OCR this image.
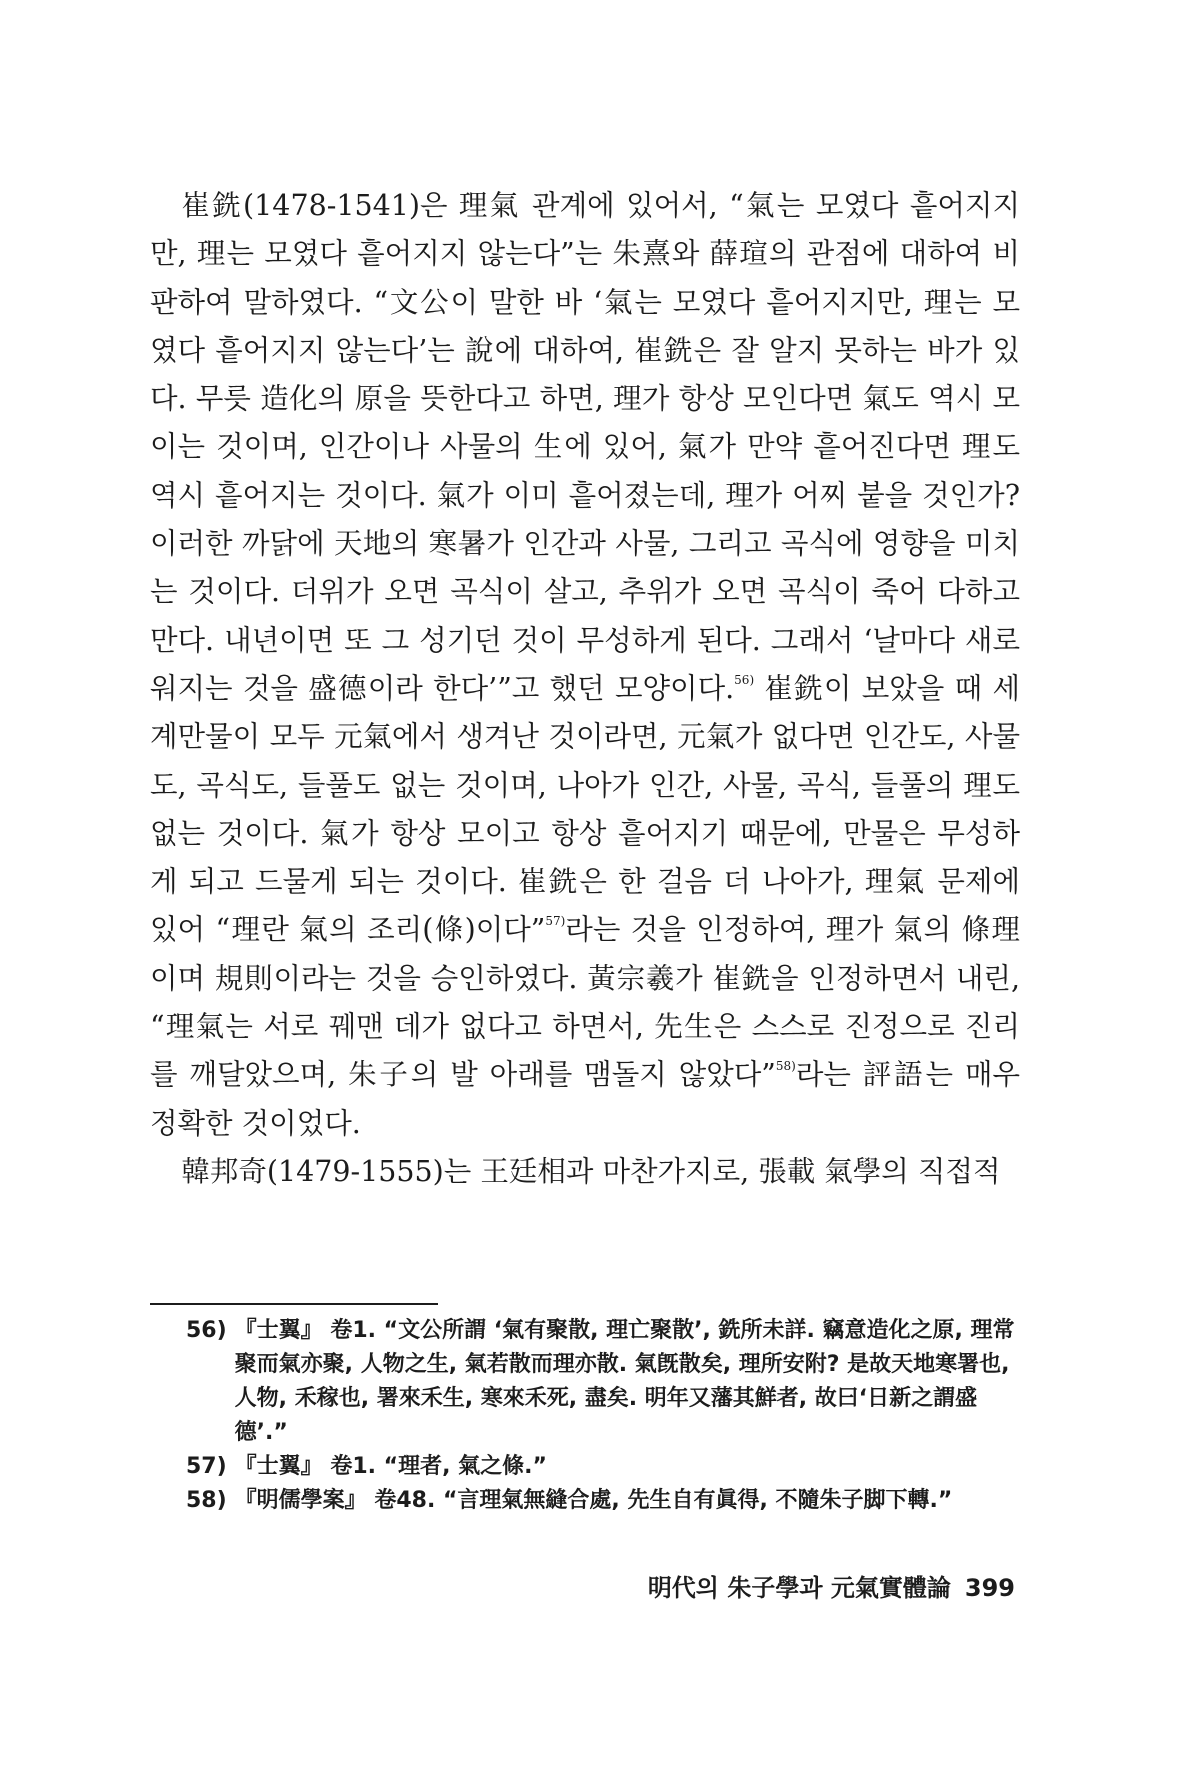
崔銑(1478-1541)은 理氣 관계에 있어서, “氣는 모였다 흩어지지만, 理는 모였다 흩어지지 않는다”는 朱熹와 薛瑄의 관점에 대하여 비판하여 말하였다. “文公이 말한 바 ‘氣는 모였다 흩어지지만, 理는 모였다 흩어지지 않는다’는 說에 대하여, 崔銑은 잘 알지 못하는 바가 있다. 무릇 造化의 原을 뜻한다고 하면, 理가 항상 모인다면 氣도 역시 모이는 것이며, 인간이나 사물의 生에 있어, 氣가 만약 흩어진다면 理도 역시 흩어지는 것이다. 氣가 이미 흩어졌는데, 理가 어찌 붙을 것인가? 이러한 까닭에 天地의 寒暑가 인간과 사물, 그리고 곡식에 영향을 미치는 것이다. 더위가 오면 곡식이 살고, 추위가 오면 곡식이 죽어 다하고 만다. 내년이면 또 그 성기던 것이 무성하게 된다. 그래서 ‘날마다 새로워지는 것을 盛德이라 한다’”고 했던 모양이다.$^{56)}$ 崔銑이 보았을 때 세계만물이 모두 元氣에서 생겨난 것이라면, 元氣가 없다면 인간도, 사물도, 곡식도, 들풀도 없는 것이며, 나아가 인간, 사물, 곡식, 들풀의 理도 없는 것이다. 氣가 항상 모이고 항상 흩어지기 때문에, 만물은 무성하게 되고 드물게 되는 것이다. 崔銑은 한 걸음 더 나아가, 理氣 문제에 있어 “理란 氣의 조리(條)이다”$^{57)}$라는 것을 인정하여, 理가 氣의 條理이며 規則이라는 것을 승인하였다. 黃宗羲가 崔銑을 인정하면서 내린, “理氣는 서로 꿰맨 데가 없다고 하면서, 先生은 스스로 진정으로 진리를 깨달았으며, 朱子의 발 아래를 맴돌지 않았다”$^{58)}$라는 評語는 매우 정확한 것이었다.

韓邦奇(1479-1555)는 王廷相과 마찬가지로, 張載 氣學의 직접적

56) 『士翼』 卷1. “文公所謂 ‘氣有聚散, 理亡聚散’, 銑所未詳. 竊意造化之原, 理常聚而氣亦聚, 人物之生, 氣若散而理亦散. 氣旣散矣, 理所安附? 是故天地寒署也, 人物, 禾稼也, 署來禾生, 寒來禾死, 盡矣. 明年又藩其鮮者, 故曰‘日新之謂盛德’.”

57) 『士翼』 卷1. “理者, 氣之條.”

58) 『明儒學案』 卷48. “言理氣無縫合處, 先生自有眞得, 不隨朱子脚下轉.”

明代의 朱子學과 元氣實體論 399
